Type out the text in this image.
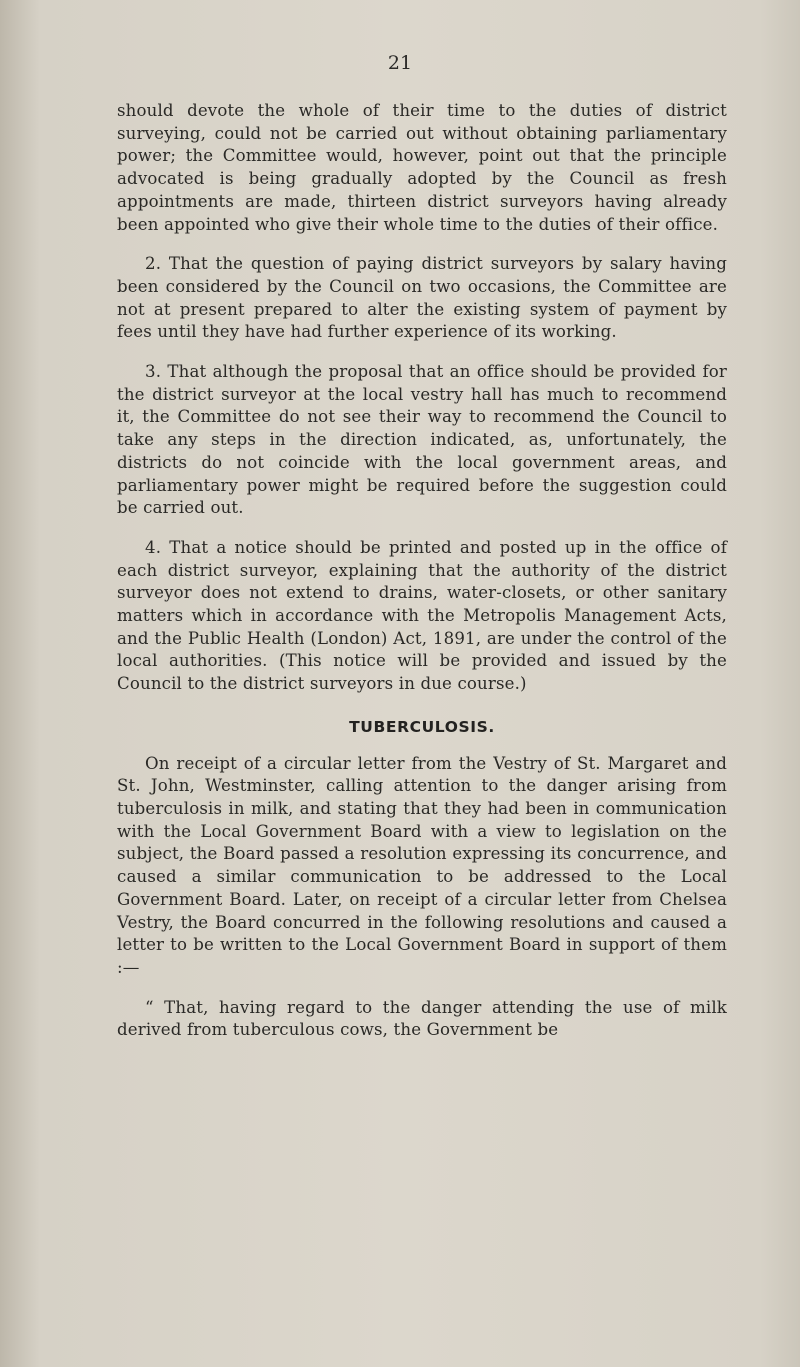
21

should devote the whole of their time to the duties of district surveying, could not be carried out without obtaining parliamentary power; the Committee would, however, point out that the principle advocated is being gradually adopted by the Council as fresh appointments are made, thirteen district surveyors having already been appointed who give their whole time to the duties of their office.

2. That the question of paying district surveyors by salary having been considered by the Council on two occasions, the Committee are not at present prepared to alter the existing system of payment by fees until they have had further experience of its working.

3. That although the proposal that an office should be provided for the district surveyor at the local vestry hall has much to recommend it, the Committee do not see their way to recommend the Council to take any steps in the direction indicated, as, unfortunately, the districts do not coincide with the local government areas, and parliamentary power might be required before the suggestion could be carried out.

4. That a notice should be printed and posted up in the office of each district surveyor, explaining that the authority of the district surveyor does not extend to drains, water-closets, or other sanitary matters which in accordance with the Metropolis Management Acts, and the Public Health (London) Act, 1891, are under the control of the local authorities. (This notice will be provided and issued by the Council to the district surveyors in due course.)

TUBERCULOSIS.

On receipt of a circular letter from the Vestry of St. Margaret and St. John, Westminster, calling attention to the danger arising from tuberculosis in milk, and stating that they had been in communication with the Local Government Board with a view to legislation on the subject, the Board passed a resolution expressing its concurrence, and caused a similar communication to be addressed to the Local Government Board. Later, on receipt of a circular letter from Chelsea Vestry, the Board concurred in the following resolutions and caused a letter to be written to the Local Government Board in support of them :—

“ That, having regard to the danger attending the use of milk derived from tuberculous cows, the Government be
